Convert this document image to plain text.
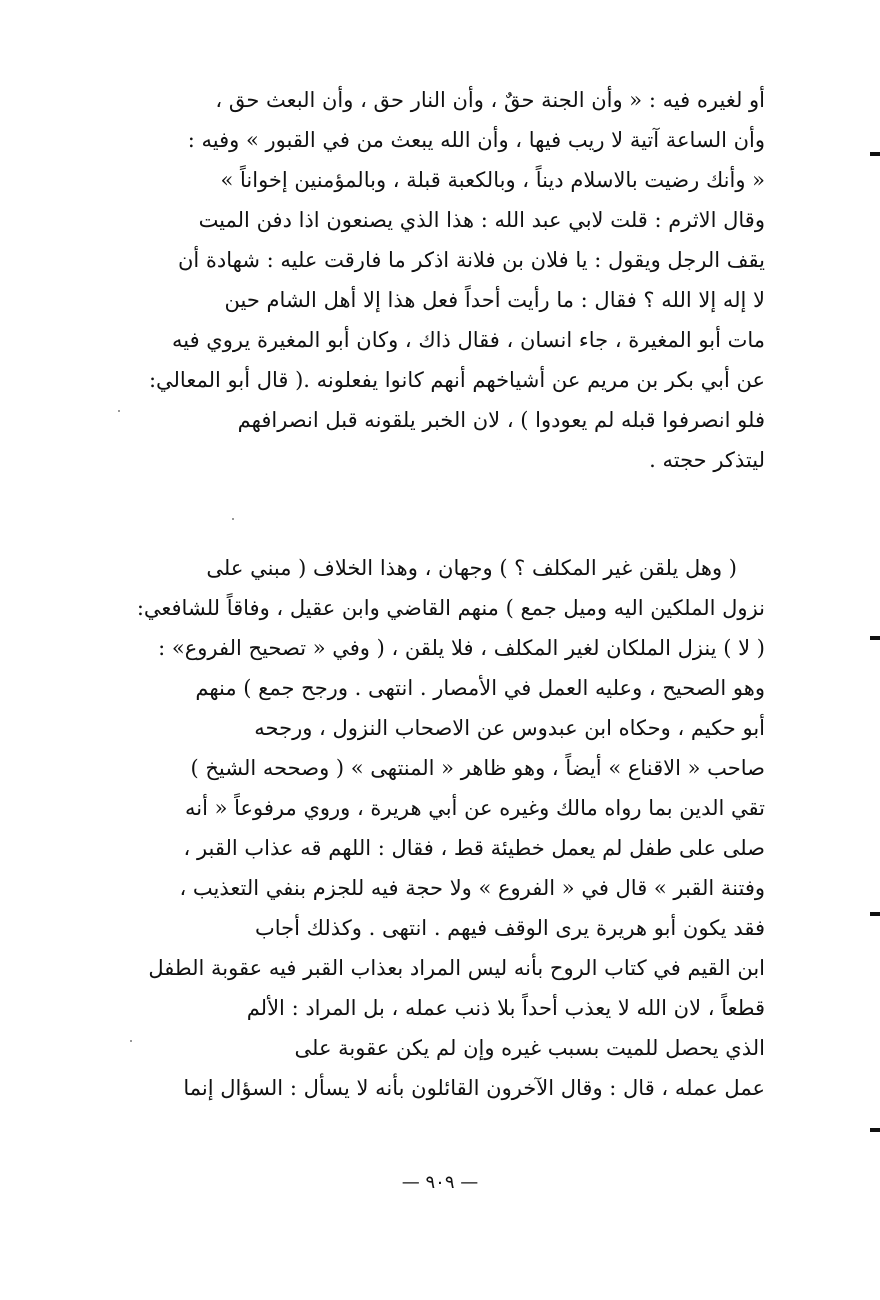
أو لغيره فيه : « وأن الجنة حقٌ ، وأن النار حق ، وأن البعث حق ،
وأن الساعة آتية لا ريب فيها ، وأن الله يبعث من في القبور » وفيه :
« وأنك رضيت بالاسلام ديناً ، وبالكعبة قبلة ، وبالمؤمنين إخواناً »
وقال الاثرم : قلت لابي عبد الله : هذا الذي يصنعون اذا دفن الميت
يقف الرجل ويقول : يا فلان بن فلانة اذكر ما فارقت عليه : شهادة أن
لا إله إلا الله ؟ فقال : ما رأيت أحداً فعل هذا إلا أهل الشام حين
مات أبو المغيرة ، جاء انسان ، فقال ذاك ، وكان أبو المغيرة يروي فيه
عن أبي بكر بن مريم عن أشياخهم أنهم كانوا يفعلونه .( قال أبو المعالي:
فلو انصرفوا قبله لم يعودوا ) ، لان الخبر يلقونه قبل انصرافهم
ليتذكر حجته .
( وهل يلقن غير المكلف ؟ ) وجهان ، وهذا الخلاف ( مبني على
نزول الملكين اليه وميل جمع ) منهم القاضي وابن عقيل ، وفاقاً للشافعي:
( لا ) ينزل الملكان لغير المكلف ، فلا يلقن ، ( وفي « تصحيح الفروع» :
وهو الصحيح ، وعليه العمل في الأمصار . انتهى . ورجح جمع ) منهم
أبو حكيم ، وحكاه ابن عبدوس عن الاصحاب النزول ، ورجحه
صاحب « الاقناع » أيضاً ، وهو ظاهر « المنتهى » ( وصححه الشيخ )
تقي الدين بما رواه مالك وغيره عن أبي هريرة ، وروي مرفوعاً « أنه
صلى على طفل لم يعمل خطيئة قط ، فقال : اللهم قه عذاب القبر ،
وفتنة القبر » قال في « الفروع » ولا حجة فيه للجزم بنفي التعذيب ،
فقد يكون أبو هريرة يرى الوقف فيهم . انتهى . وكذلك أجاب
ابن القيم في كتاب الروح بأنه ليس المراد بعذاب القبر فيه عقوبة الطفل
قطعاً ، لان الله لا يعذب أحداً بلا ذنب عمله ، بل المراد : الألم
الذي يحصل للميت بسبب غيره وإن لم يكن عقوبة على
عمل عمله ، قال : وقال الآخرون القائلون بأنه لا يسأل : السؤال إنما
— ٩٠٩ —
